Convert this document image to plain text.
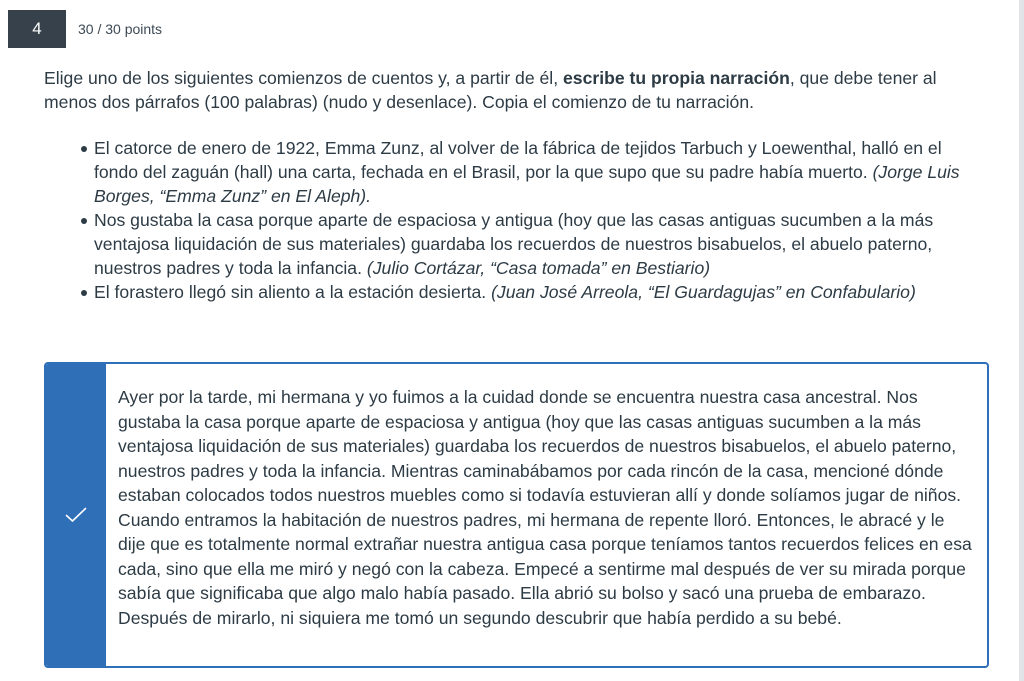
4	30 / 30 points

Elige uno de los siguientes comienzos de cuentos y, a partir de él, escribe tu propia narración, que debe tener al menos dos párrafos (100 palabras) (nudo y desenlace). Copia el comienzo de tu narración.

El catorce de enero de 1922, Emma Zunz, al volver de la fábrica de tejidos Tarbuch y Loewenthal, halló en el fondo del zaguán (hall) una carta, fechada en el Brasil, por la que supo que su padre había muerto. (Jorge Luis Borges, “Emma Zunz” en El Aleph).
Nos gustaba la casa porque aparte de espaciosa y antigua (hoy que las casas antiguas sucumben a la más ventajosa liquidación de sus materiales) guardaba los recuerdos de nuestros bisabuelos, el abuelo paterno, nuestros padres y toda la infancia. (Julio Cortázar, “Casa tomada” en Bestiario)
El forastero llegó sin aliento a la estación desierta. (Juan José Arreola, “El Guardagujas” en Confabulario)
Ayer por la tarde, mi hermana y yo fuimos a la cuidad donde se encuentra nuestra casa ancestral. Nos gustaba la casa porque aparte de espaciosa y antigua (hoy que las casas antiguas sucumben a la más ventajosa liquidación de sus materiales) guardaba los recuerdos de nuestros bisabuelos, el abuelo paterno, nuestros padres y toda la infancia. Mientras caminabábamos por cada rincón de la casa, mencioné dónde estaban colocados todos nuestros muebles como si todavía estuvieran allí y donde solíamos jugar de niños. Cuando entramos la habitación de nuestros padres, mi hermana de repente lloró. Entonces, le abracé y le dije que es totalmente normal extrañar nuestra antigua casa porque teníamos tantos recuerdos felices en esa cada, sino que ella me miró y negó con la cabeza. Empecé a sentirme mal después de ver su mirada porque sabía que significaba que algo malo había pasado. Ella abrió su bolso y sacó una prueba de embarazo. Después de mirarlo, ni siquiera me tomó un segundo descubrir que había perdido a su bebé.
